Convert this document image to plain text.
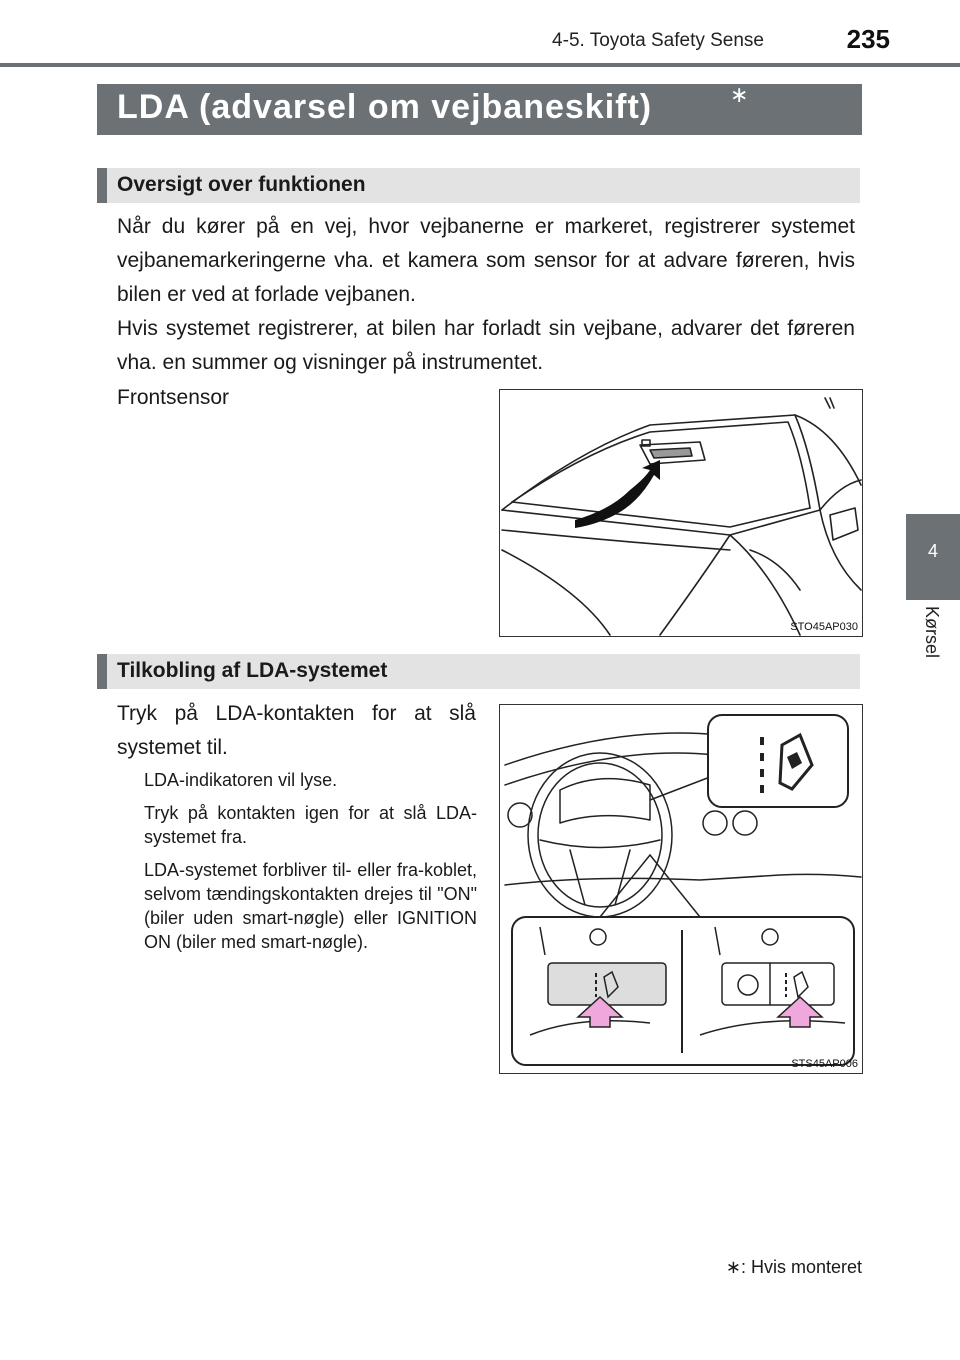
4-5. Toyota Safety Sense	235
4
Kørsel
LDA (advarsel om vejbaneskift)	∗
Oversigt over funktionen
Når du kører på en vej, hvor vejbanerne er markeret, registrerer systemet vejbanemarkeringerne vha. et kamera som sensor for at advare føreren, hvis bilen er ved at forlade vejbanen.
Hvis systemet registrerer, at bilen har forladt sin vejbane, advarer det føreren vha. en summer og visninger på instrumentet.
Frontsensor
STO45AP030
Tilkobling af LDA-systemet
Tryk på LDA-kontakten for at slå systemet til.
LDA-indikatoren vil lyse.
Tryk på kontakten igen for at slå LDA-systemet fra.
LDA-systemet forbliver til- eller fra-koblet, selvom tændingskontakten drejes til "ON" (biler uden smart-nøgle) eller IGNITION ON (biler med smart-nøgle).
STS45AP006
∗: Hvis monteret
